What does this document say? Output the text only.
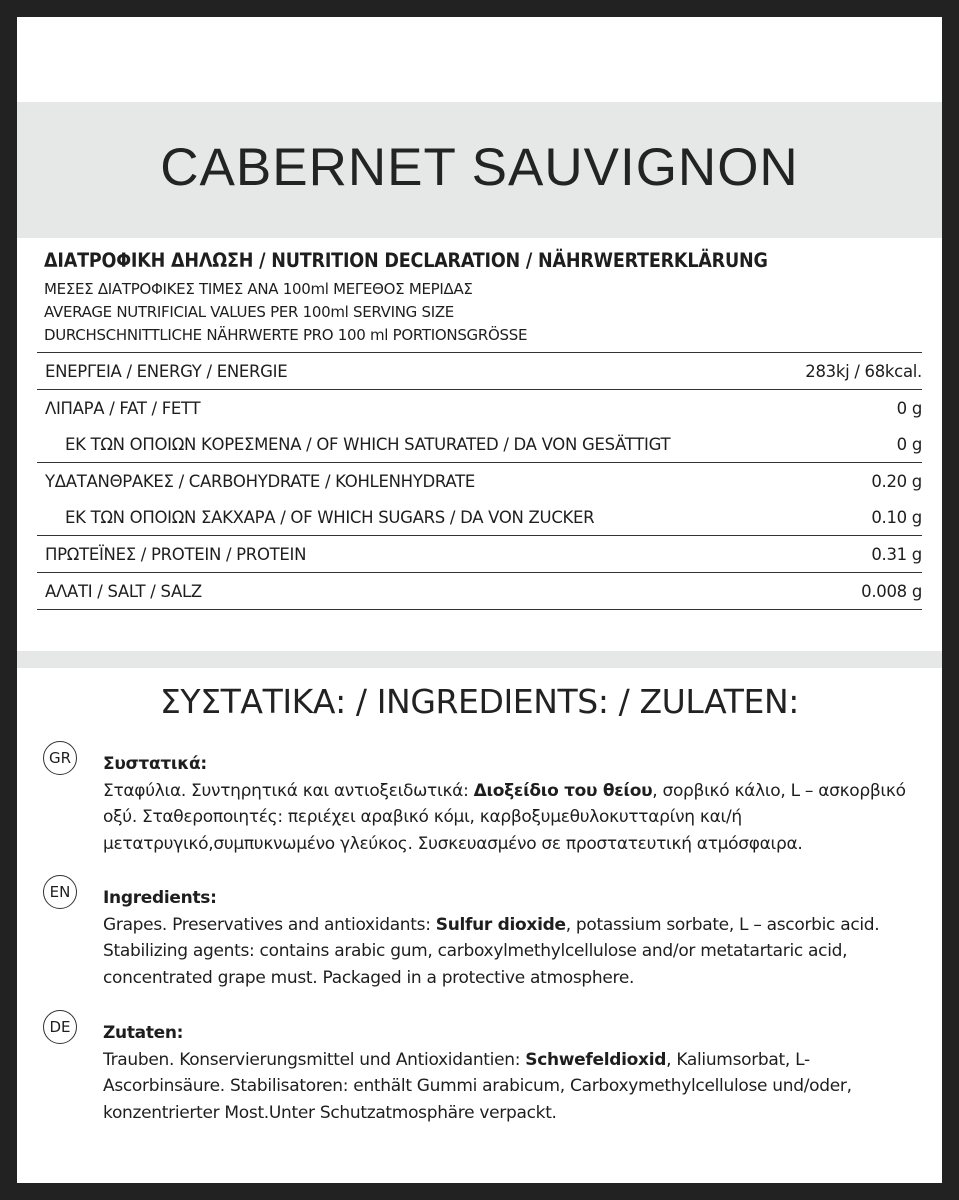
CABERNET SAUVIGNON
ΔΙΑΤΡΟΦΙΚΗ ΔΗΛΩΣΗ / NUTRITION DECLARATION / NÄHRWERTERKLÄRUNG
ΜΕΣΕΣ ΔΙΑΤΡΟΦΙΚΕΣ ΤΙΜΕΣ ΑΝΑ 100ml ΜΕΓΕΘΟΣ ΜΕΡΙΔΑΣ
AVERAGE NUTRIFICIAL VALUES PER 100ml SERVING SIZE
DURCHSCHNITTLICHE NÄHRWERTE PRO 100 ml PORTIONSGRÖSSE
ΕΝΕΡΓΕΙΑ / ENERGY / ENERGIE	283kj / 68kcal.
ΛΙΠΑΡΑ / FAT / FETT	0 g
ΕΚ ΤΩΝ ΟΠΟΙΩΝ ΚΟΡΕΣΜΕΝΑ / OF WHICH SATURATED / DA VON GESÄTTIGT	0 g
ΥΔΑΤΑΝΘΡΑΚΕΣ / CARBOHYDRATE / KOHLENHYDRATE	0.20 g
ΕΚ ΤΩΝ ΟΠΟΙΩΝ ΣΑΚΧΑΡΑ / OF WHICH SUGARS / DA VON ZUCKER	0.10 g
ΠΡΩΤΕΪΝΕΣ / PROTEIN / PROTEIN	0.31 g
ΑΛΑΤΙ / SALT / SALZ	0.008 g
ΣΥΣΤΑΤΙΚΑ: / INGREDIENTS: / ZULATEN:
GR	Συστατικά:
Σταφύλια. Συντηρητικά και αντιοξειδωτικά: Διοξείδιο του θείου, σορβικό κάλιο, L – ασκορβικό οξύ. Σταθεροποιητές: περιέχει αραβικό κόμι, καρβοξυμεθυλοκυτταρίνη και/ή μετατρυγικό,συμπυκνωμένο γλεύκος. Συσκευασμένο σε προστατευτική ατμόσφαιρα.
EN	Ingredients:
Grapes. Preservatives and antioxidants: Sulfur dioxide, potassium sorbate, L – ascorbic acid. Stabilizing agents: contains arabic gum, carboxylmethylcellulose and/or metatartaric acid, concentrated grape must. Packaged in a protective atmosphere.
DE	Zutaten:
Trauben. Konservierungsmittel und Antioxidantien: Schwefeldioxid, Kaliumsorbat, L-Ascorbinsäure. Stabilisatoren: enthält Gummi arabicum, Carboxymethylcellulose und/oder, konzentrierter Most.Unter Schutzatmosphäre verpackt.
